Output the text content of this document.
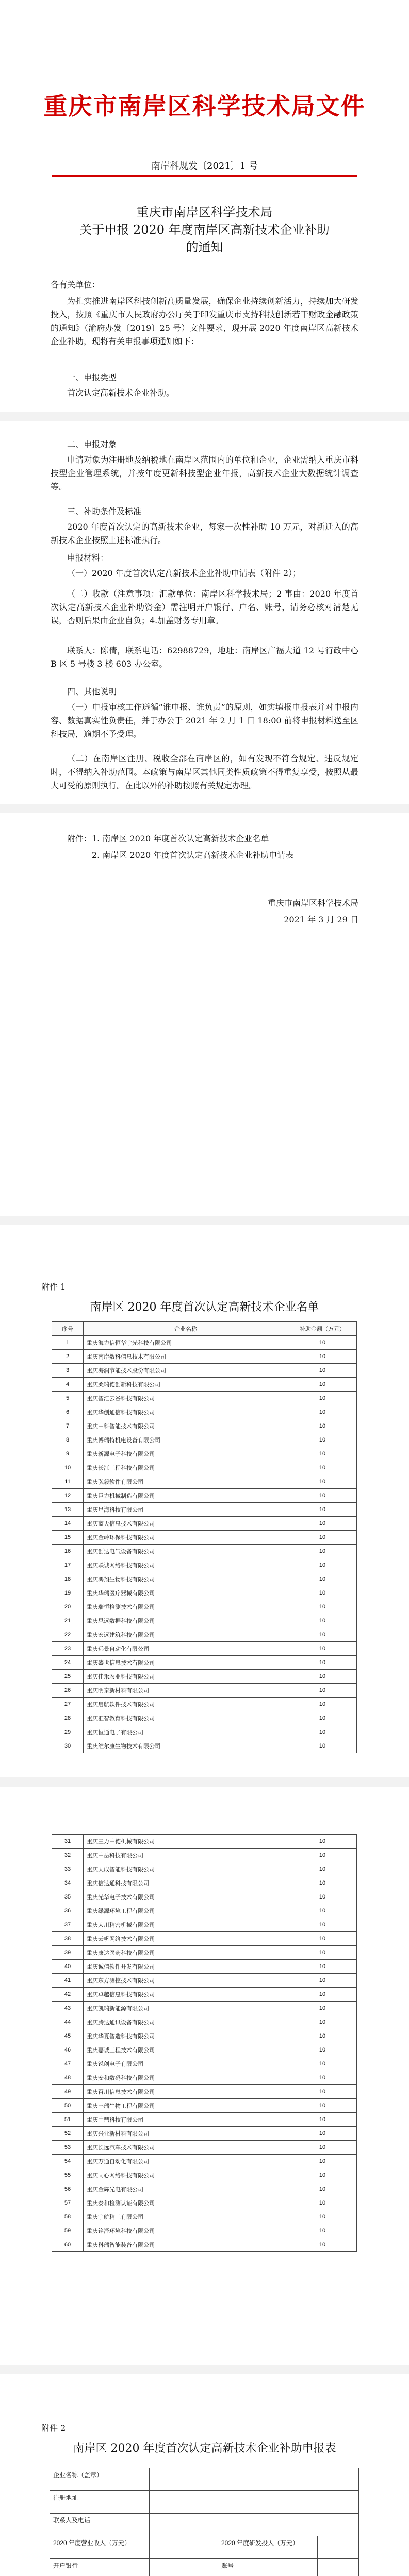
重庆市南岸区科学技术局文件
南岸科规发〔2021〕1 号
重庆市南岸区科学技术局
关于申报 2020 年度南岸区高新技术企业补助
的通知
各有关单位：
为扎实推进南岸区科技创新高质量发展，确保企业持续创新活力，持续加大研发投入，按照《重庆市人民政府办公厅关于印发重庆市支持科技创新若干财政金融政策的通知》（渝府办发〔2019〕25 号）文件要求，现开展 2020 年度南岸区高新技术企业补助，现将有关申报事项通知如下：
一、申报类型
首次认定高新技术企业补助。
二、申报对象
申请对象为注册地及纳税地在南岸区范围内的单位和企业，企业需纳入重庆市科技型企业管理系统，并按年度更新科技型企业年报，高新技术企业大数据统计调查等。
三、补助条件及标准
2020 年度首次认定的高新技术企业，每家一次性补助 10 万元，对新迁入的高新技术企业按照上述标准执行。
申报材料：
（一）2020 年度首次认定高新技术企业补助申请表（附件 2）；
（二）收款（注意事项：汇款单位：南岸区科学技术局；2 事由：2020 年度首次认定高新技术企业补助资金）需注明开户银行、户名、账号，请务必核对清楚无误，否则后果由企业自负；4.加盖财务专用章。
联系人：陈倩，联系电话：62988729，地址：南岸区广福大道 12 号行政中心 B 区 5 号楼 3 楼 603 办公室。
四、其他说明
（一）申报审核工作遵循“谁申报、谁负责”的原则，如实填报申报表并对申报内容、数据真实性负责任，并于办公于 2021 年 2 月 1 日 18:00 前将申报材料送至区科技局，逾期不予受理。
（二）在南岸区注册、税收全部在南岸区的，如有发现不符合规定、违反规定时，不得纳入补助范围。本政策与南岸区其他同类性质政策不得重复享受，按照从最大可受的原则执行。在此以外的补助按照有关规定办理。
附件：1. 南岸区 2020 年度首次认定高新技术企业名单
2. 南岸区 2020 年度首次认定高新技术企业补助申请表
重庆市南岸区科学技术局
2021 年 3 月 29 日
附件 1
南岸区 2020 年度首次认定高新技术企业名单
序号	企业名称	补助金额（万元）
1	重庆海力信恒华宇光科技有限公司	10
2	重庆南岸数科信息技术有限公司	10
3	重庆海润节能技术股份有限公司	10
4	重庆桑瑞德创新科技有限公司	10
5	重庆智汇云谷科技有限公司	10
6	重庆华创通信科技有限公司	10
7	重庆中科智能技术有限公司	10
8	重庆博瑞特机电设备有限公司	10
9	重庆新源电子科技有限公司	10
10	重庆长江工程科技有限公司	10
11	重庆弘毅软件有限公司	10
12	重庆巨力机械制造有限公司	10
13	重庆星海科技有限公司	10
14	重庆蓝天信息技术有限公司	10
15	重庆金岭环保科技有限公司	10
16	重庆创达电气设备有限公司	10
17	重庆联诚网络科技有限公司	10
18	重庆鸿翔生物科技有限公司	10
19	重庆华瑞医疗器械有限公司	10
20	重庆瑞恒检测技术有限公司	10
21	重庆思远数据科技有限公司	10
22	重庆宏远建筑科技有限公司	10
23	重庆远景自动化有限公司	10
24	重庆盛世信息技术有限公司	10
25	重庆佳禾农业科技有限公司	10
26	重庆明泰新材料有限公司	10
27	重庆启航软件技术有限公司	10
28	重庆汇智教育科技有限公司	10
29	重庆恒通电子有限公司	10
30	重庆维尔康生物技术有限公司	10
31	重庆三力中德机械有限公司	10
32	重庆中岳科技有限公司	10
33	重庆天成智能科技有限公司	10
34	重庆信达通科技有限公司	10
35	重庆光华电子技术有限公司	10
36	重庆绿源环境工程有限公司	10
37	重庆大川精密机械有限公司	10
38	重庆云帆网络技术有限公司	10
39	重庆康达医药科技有限公司	10
40	重庆诚信软件开发有限公司	10
41	重庆东方测控技术有限公司	10
42	重庆卓越信息科技有限公司	10
43	重庆凯瑞新能源有限公司	10
44	重庆腾达通讯设备有限公司	10
45	重庆华夏智造科技有限公司	10
46	重庆嘉诚工程技术有限公司	10
47	重庆锐创电子有限公司	10
48	重庆安和数码科技有限公司	10
49	重庆百川信息技术有限公司	10
50	重庆丰瑞生物工程有限公司	10
51	重庆中鼎科技有限公司	10
52	重庆兴业新材料有限公司	10
53	重庆长远汽车技术有限公司	10
54	重庆万通自动化有限公司	10
55	重庆同心网络科技有限公司	10
56	重庆金辉光电有限公司	10
57	重庆泰和检测认证有限公司	10
58	重庆宇航精工有限公司	10
59	重庆铭泽环境科技有限公司	10
60	重庆科瑞智能装备有限公司	10
附件 2
南岸区 2020 年度首次认定高新技术企业补助申报表
企业名称（盖章）			
注册地址			
联系人及电话			
2020 年度营业收入（万元）		2020 年度研发投入（万元）	
开户银行		账号	
